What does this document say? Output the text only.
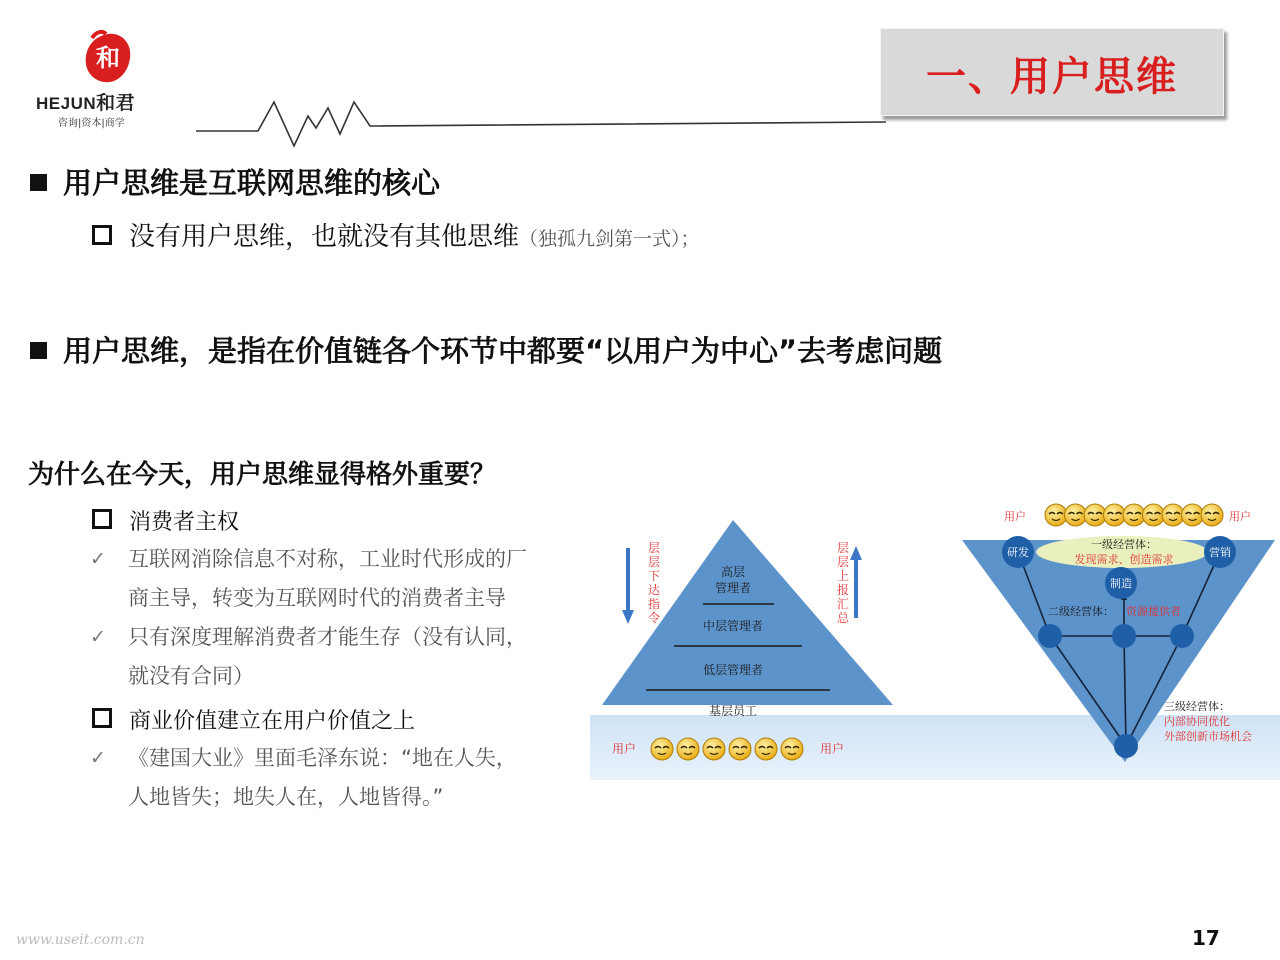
和
HEJUN和君
咨询|资本|商学
一、用户思维
用户思维是互联网思维的核心
没有用户思维，也就没有其他思维（独孤九剑第一式）；
用户思维，是指在价值链各个环节中都要“以用户为中心”去考虑问题
为什么在今天，用户思维显得格外重要？
消费者主权
✓ 互联网消除信息不对称，工业时代形成的厂
商主导，转变为互联网时代的消费者主导
✓ 只有深度理解消费者才能生存（没有认同，
就没有合同）
商业价值建立在用户价值之上
✓ 《建国大业》里面毛泽东说：“地在人失，
人地皆失；地失人在，人地皆得。”
高层
管理者
中层管理者
低层管理者
基层员工
高层管理者
层层下达指令
层层上报汇总
用户	用户
研发	营销
制造
一级经营体：
发现需求、创造需求
二级经营体： 资源提供者
三级经营体：
内部协同优化
外部创新市场机会
用户	用户
17
www.useit.com.cn
